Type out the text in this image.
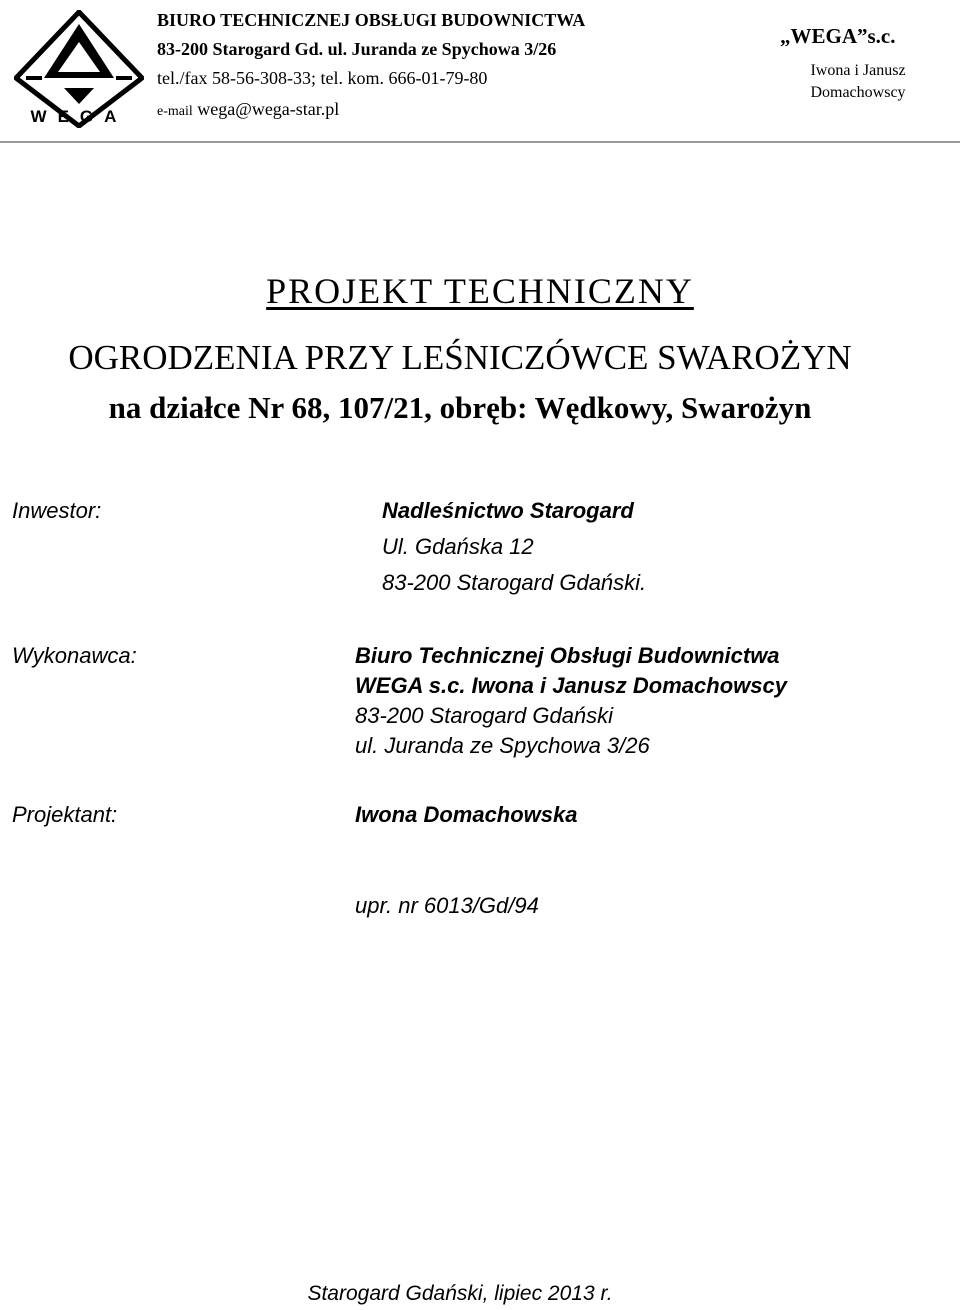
WEGA
BIURO TECHNICZNEJ OBSŁUGI BUDOWNICTWA
83-200 Starogard Gd. ul. Juranda ze Spychowa 3/26
tel./fax 58-56-308-33; tel. kom. 666-01-79-80
e-mail wega@wega-star.pl
„WEGA”s.c.
Iwona i Janusz
Domachowscy
PROJEKT TECHNICZNY
OGRODZENIA PRZY LEŚNICZÓWCE SWAROŻYN
na działce Nr 68, 107/21, obręb: Wędkowy, Swarożyn
Inwestor:	Nadleśnictwo Starogard
Ul. Gdańska 12
83-200 Starogard Gdański.
Wykonawca:	Biuro Technicznej Obsługi Budownictwa
WEGA s.c. Iwona i Janusz Domachowscy
83-200 Starogard Gdański
ul. Juranda ze Spychowa 3/26
Projektant:	Iwona Domachowska
upr. nr 6013/Gd/94
Starogard Gdański, lipiec 2013 r.
